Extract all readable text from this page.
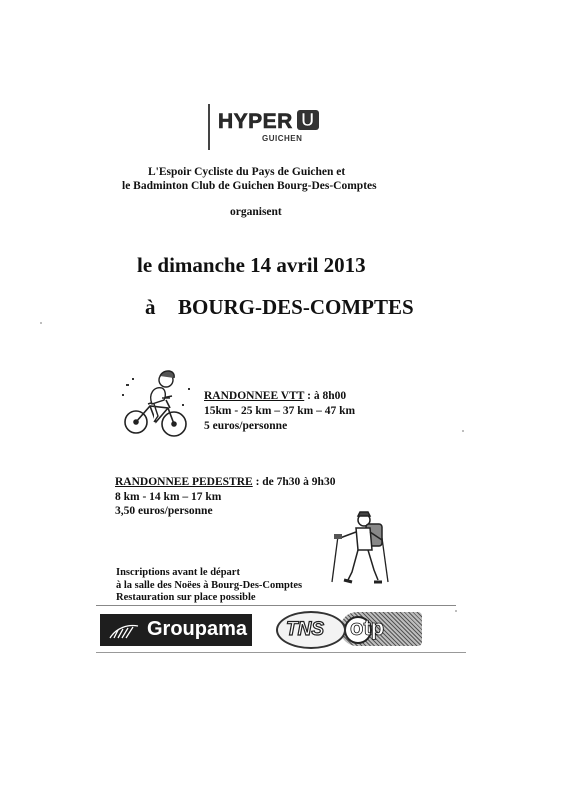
HYPER U
GUICHEN
L'Espoir Cycliste du Pays de Guichen et
le Badminton Club de Guichen Bourg-Des-Comptes
organisent
le dimanche 14 avril 2013
à BOURG-DES-COMPTES
RANDONNEE VTT : à 8h00
15km - 25 km – 37 km – 47 km
5 euros/personne
RANDONNEE PEDESTRE : de 7h30 à 9h30
8 km - 14 km – 17 km
3,50 euros/personne
Inscriptions avant le départ
à la salle des Noëes à Bourg-Des-Comptes
Restauration sur place possible
Groupama	otp
TNS
